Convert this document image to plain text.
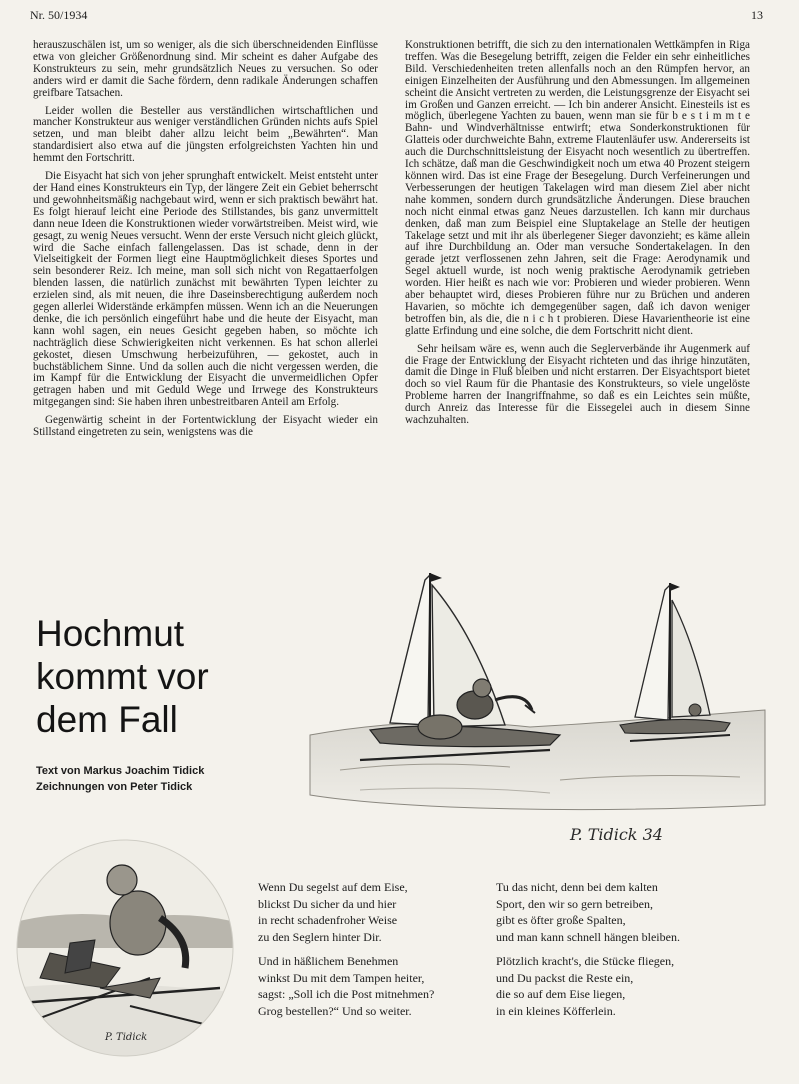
Nr. 50/1934	13

herauszuschälen ist, um so weniger, als die sich überschneidenden Einflüsse etwa von gleicher Größenordnung sind. Mir scheint es daher Aufgabe des Konstrukteurs zu sein, mehr grundsätzlich Neues zu versuchen. So oder anders wird er damit die Sache fördern, denn radikale Änderungen schaffen greifbare Tatsachen.

Leider wollen die Besteller aus verständlichen wirtschaftlichen und mancher Konstrukteur aus weniger verständlichen Gründen nichts aufs Spiel setzen, und man bleibt daher allzu leicht beim „Bewährten“. Man standardisiert also etwa auf die jüngsten erfolgreichsten Yachten hin und hemmt den Fortschritt.

Die Eisyacht hat sich von jeher sprunghaft entwickelt. Meist entsteht unter der Hand eines Konstrukteurs ein Typ, der längere Zeit ein Gebiet beherrscht und gewohnheitsmäßig nachgebaut wird, wenn er sich praktisch bewährt hat. Es folgt hierauf leicht eine Periode des Stillstandes, bis ganz unvermittelt dann neue Ideen die Konstruktionen wieder vorwärtstreiben. Meist wird, wie gesagt, zu wenig Neues versucht. Wenn der erste Versuch nicht gleich glückt, wird die Sache einfach fallengelassen. Das ist schade, denn in der Vielseitigkeit der Formen liegt eine Hauptmöglichkeit dieses Sportes und sein besonderer Reiz. Ich meine, man soll sich nicht von Regattaerfolgen blenden lassen, die natürlich zunächst mit bewährten Typen leichter zu erzielen sind, als mit neuen, die ihre Daseinsberechtigung außerdem noch gegen allerlei Widerstände erkämpfen müssen. Wenn ich an die Neuerungen denke, die ich persönlich eingeführt habe und die heute der Eisyacht, man kann wohl sagen, ein neues Gesicht gegeben haben, so möchte ich nachträglich diese Schwierigkeiten nicht verkennen. Es hat schon allerlei gekostet, diesen Umschwung herbeizuführen, — gekostet, auch in buchstäblichem Sinne. Und da sollen auch die nicht vergessen werden, die im Kampf für die Entwicklung der Eisyacht die unvermeidlichen Opfer getragen haben und mit Geduld Wege und Irrwege des Konstrukteurs mitgegangen sind: Sie haben ihren unbestreitbaren Anteil am Erfolg.

Gegenwärtig scheint in der Fortentwicklung der Eisyacht wieder ein Stillstand eingetreten zu sein, wenigstens was die

Konstruktionen betrifft, die sich zu den internationalen Wettkämpfen in Riga treffen. Was die Besegelung betrifft, zeigen die Felder ein sehr einheitliches Bild. Verschiedenheiten treten allenfalls noch an den Rümpfen hervor, an einigen Einzelheiten der Ausführung und den Abmessungen. Im allgemeinen scheint die Ansicht vertreten zu werden, die Leistungsgrenze der Eisyacht sei im Großen und Ganzen erreicht. — Ich bin anderer Ansicht. Einesteils ist es möglich, überlegene Yachten zu bauen, wenn man sie für b e s t i m m t e Bahn- und Windverhältnisse entwirft; etwa Sonderkonstruktionen für Glatteis oder durchweichte Bahn, extreme Flautenläufer usw. Andererseits ist auch die Durchschnittsleistung der Eisyacht noch wesentlich zu übertreffen. Ich schätze, daß man die Geschwindigkeit noch um etwa 40 Prozent steigern können wird. Das ist eine Frage der Besegelung. Durch Verfeinerungen und Verbesserungen der heutigen Takelagen wird man diesem Ziel aber nicht nahe kommen, sondern durch grundsätzliche Änderungen. Diese brauchen noch nicht einmal etwas ganz Neues darzustellen. Ich kann mir durchaus denken, daß man zum Beispiel eine Sluptakelage an Stelle der heutigen Takelage setzt und mit ihr als überlegener Sieger davonzieht; es käme allein auf ihre Durchbildung an. Oder man versuche Sondertakelagen. In den gerade jetzt verflossenen zehn Jahren, seit die Frage: Aerodynamik und Segel aktuell wurde, ist noch wenig praktische Aerodynamik getrieben worden. Hier heißt es nach wie vor: Probieren und wieder probieren. Wenn aber behauptet wird, dieses Probieren führe nur zu Brüchen und anderen Havarien, so möchte ich demgegenüber sagen, daß ich davon weniger betroffen bin, als die, die n i c h t probieren. Diese Havarientheorie ist eine glatte Erfindung und eine solche, die dem Fortschritt nicht dient.

Sehr heilsam wäre es, wenn auch die Seglerverbände ihr Augenmerk auf die Frage der Entwicklung der Eisyacht richteten und das ihrige hinzutäten, damit die Dinge in Fluß bleiben und nicht erstarren. Der Eisyachtsport bietet doch so viel Raum für die Phantasie des Konstrukteurs, so viele ungelöste Probleme harren der Inangriffnahme, so daß es ein Leichtes sein müßte, durch Anreiz das Interesse für die Eissegelei auch in diesem Sinne wachzuhalten.

Hochmut
kommt vor
dem Fall
Text von Markus Joachim Tidick
Zeichnungen von Peter Tidick
P. Tidick 34
P. Tidick
Wenn Du segelst auf dem Eise,
blickst Du sicher da und hier
in recht schadenfroher Weise
zu den Seglern hinter Dir.
Und in häßlichem Benehmen
winkst Du mit dem Tampen heiter,
sagst: „Soll ich die Post mitnehmen?
Grog bestellen?“ Und so weiter.
Tu das nicht, denn bei dem kalten
Sport, den wir so gern betreiben,
gibt es öfter große Spalten,
und man kann schnell hängen bleiben.
Plötzlich kracht's, die Stücke fliegen,
und Du packst die Reste ein,
die so auf dem Eise liegen,
in ein kleines Köfferlein.
